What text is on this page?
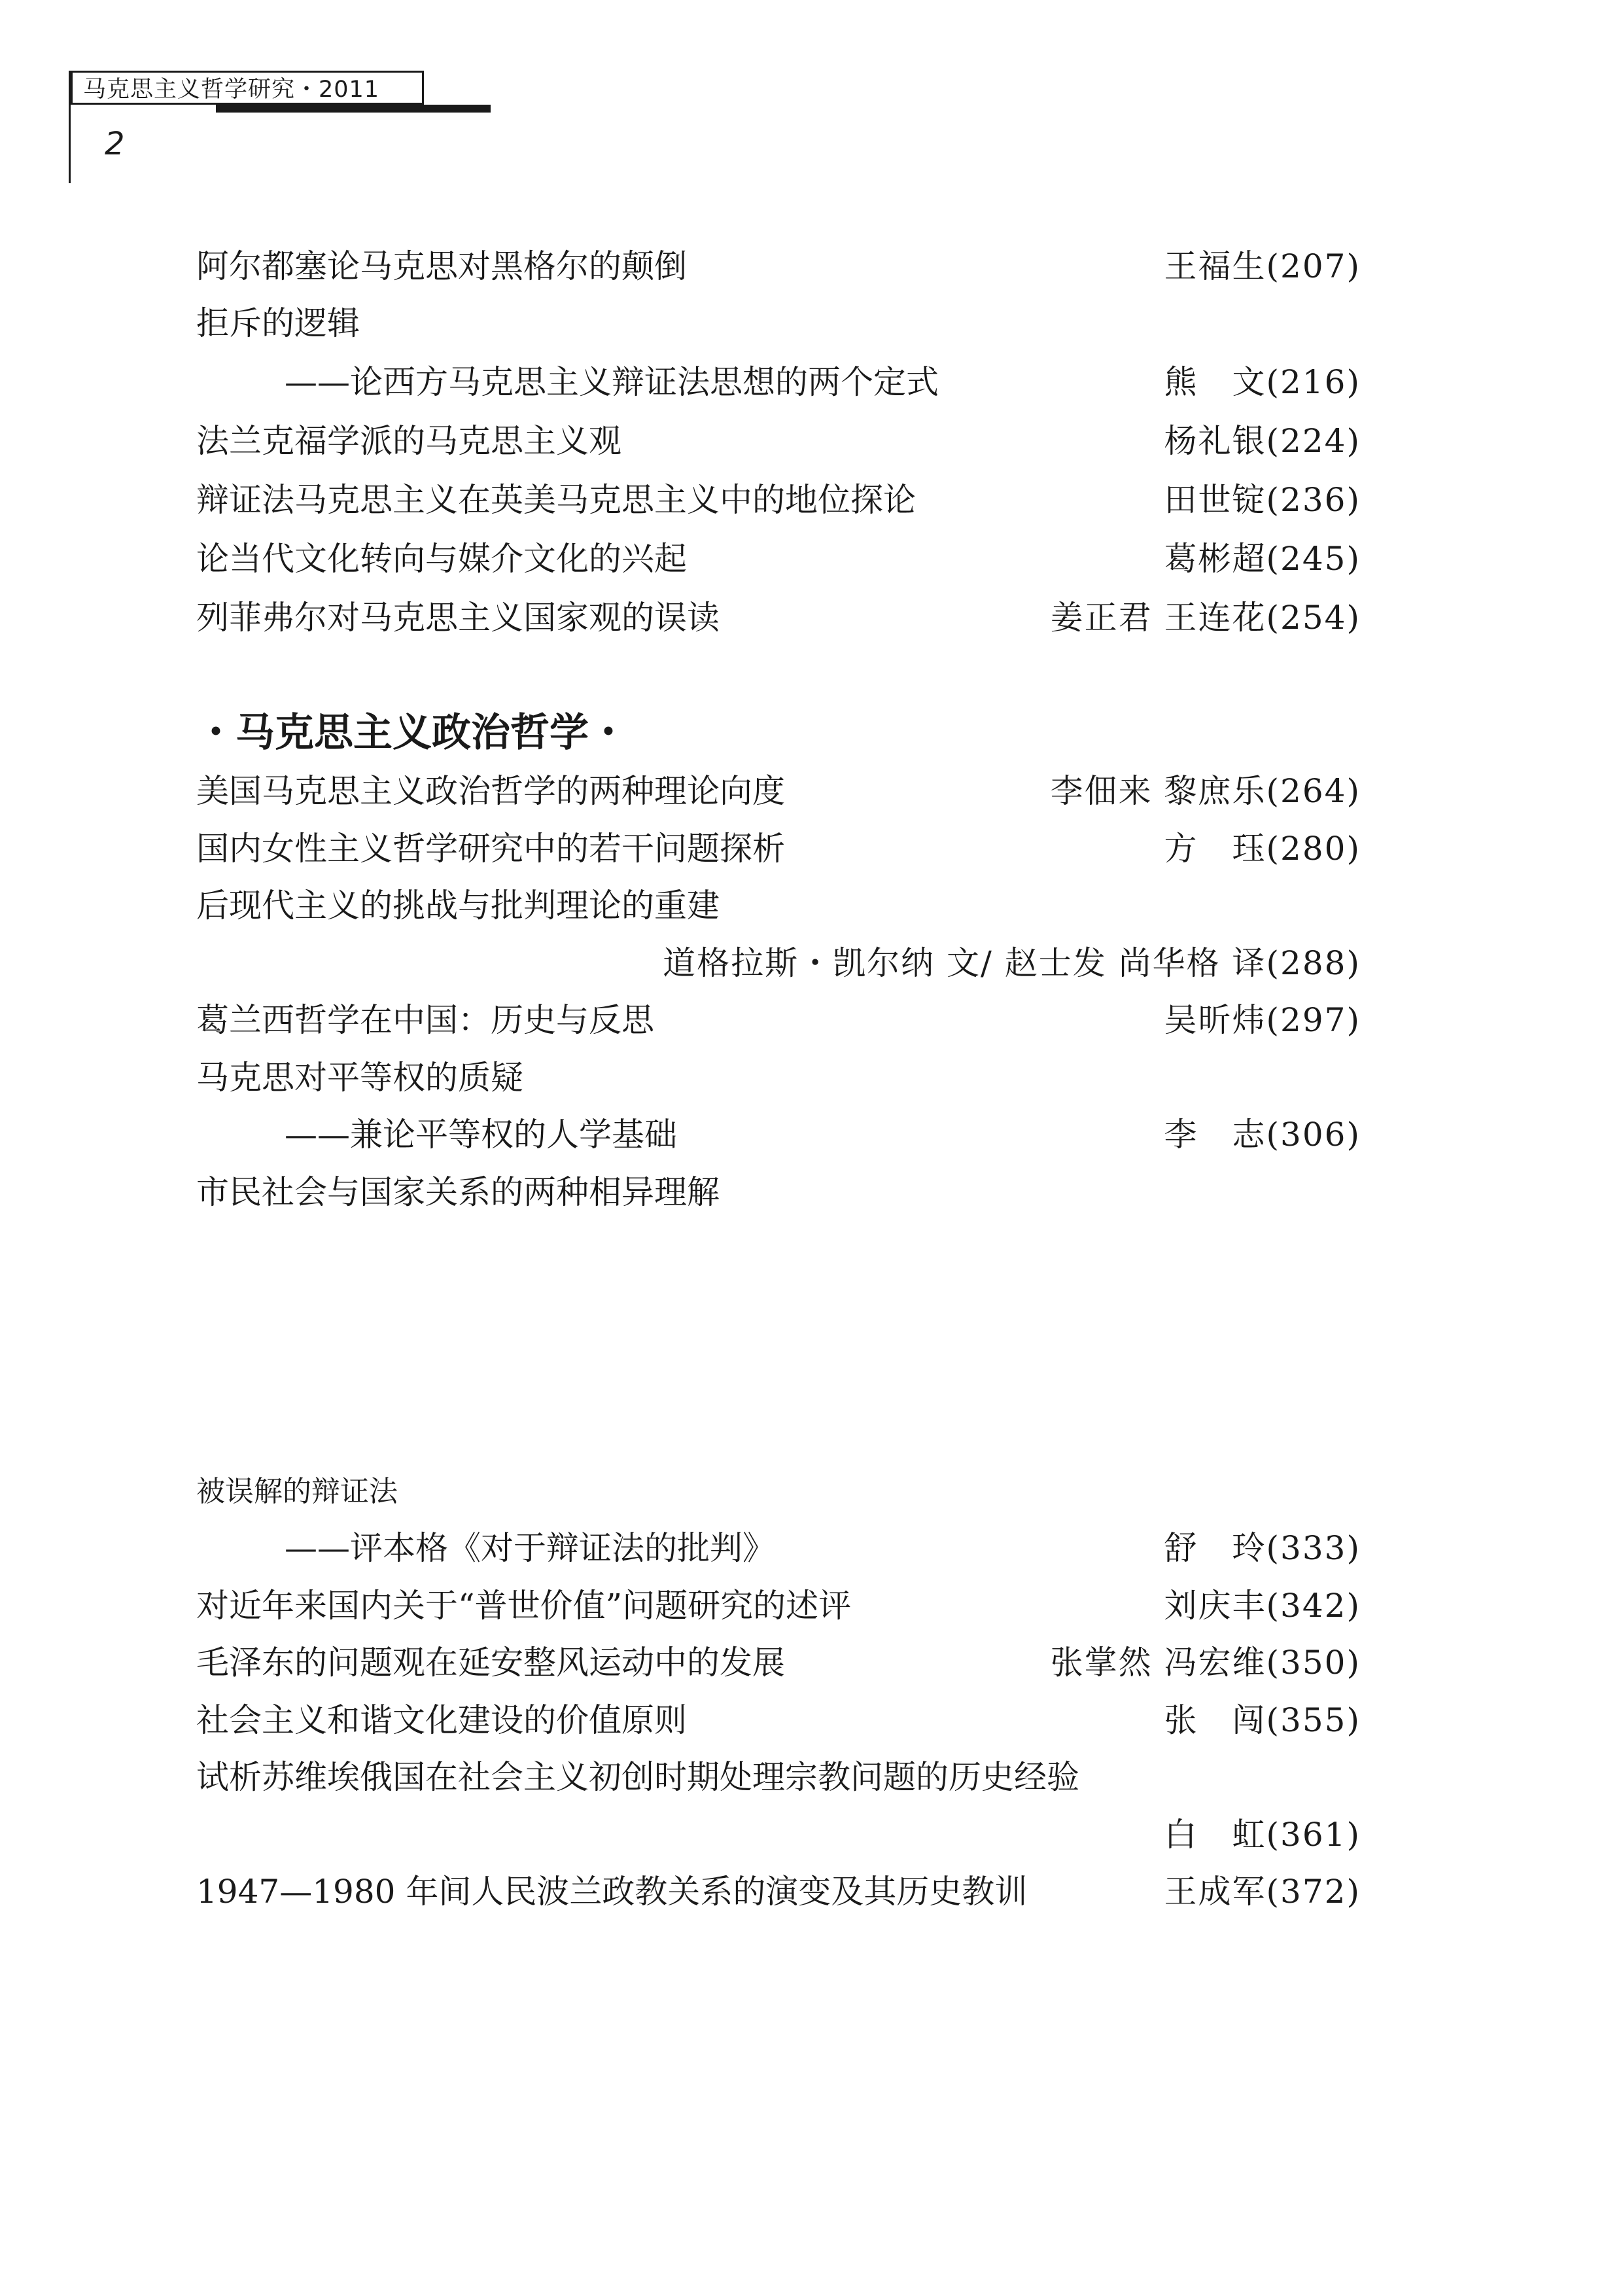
马克思主义哲学研究・2011
2
阿尔都塞论马克思对黑格尔的颠倒	王福生(207)
拒斥的逻辑
——论西方马克思主义辩证法思想的两个定式	熊　文(216)
法兰克福学派的马克思主义观	杨礼银(224)
辩证法马克思主义在英美马克思主义中的地位探论	田世锭(236)
论当代文化转向与媒介文化的兴起	葛彬超(245)
列菲弗尔对马克思主义国家观的误读	姜正君 王连花(254)
・马克思主义政治哲学・
美国马克思主义政治哲学的两种理论向度	李佃来 黎庶乐(264)
国内女性主义哲学研究中的若干问题探析	方　珏(280)
后现代主义的挑战与批判理论的重建
道格拉斯・凯尔纳 文/ 赵士发 尚华格 译(288)
葛兰西哲学在中国：历史与反思	吴昕炜(297)
马克思对平等权的质疑
——兼论平等权的人学基础	李　志(306)
市民社会与国家关系的两种相异理解
被误解的辩证法
——评本格《对于辩证法的批判》	舒　玲(333)
对近年来国内关于“普世价值”问题研究的述评	刘庆丰(342)
毛泽东的问题观在延安整风运动中的发展	张掌然 冯宏维(350)
社会主义和谐文化建设的价值原则	张　闯(355)
试析苏维埃俄国在社会主义初创时期处理宗教问题的历史经验
白　虹(361)
1947—1980 年间人民波兰政教关系的演变及其历史教训	王成军(372)
